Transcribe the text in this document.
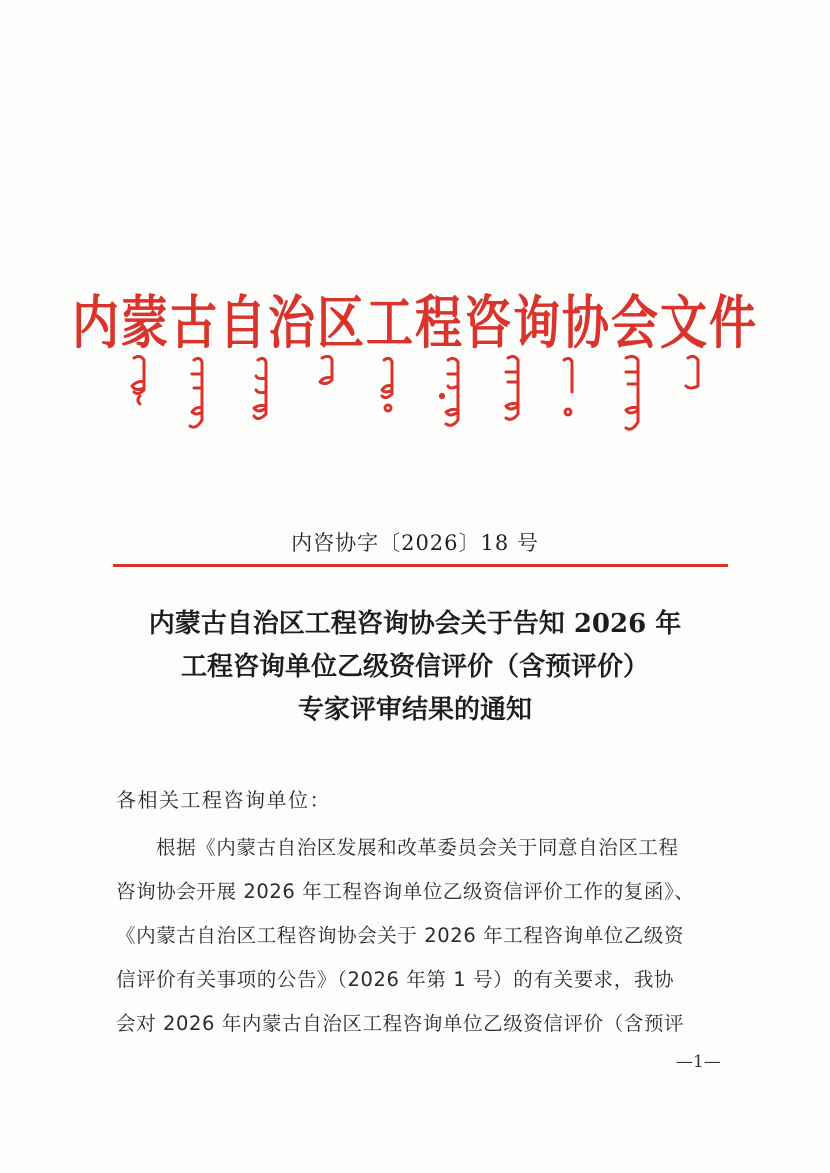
内蒙古自治区工程咨询协会文件
内咨协字〔2026〕18 号
内蒙古自治区工程咨询协会关于告知 2026 年
工程咨询单位乙级资信评价（含预评价）
专家评审结果的通知
各相关工程咨询单位：
根据《内蒙古自治区发展和改革委员会关于同意自治区工程
咨询协会开展 2026 年工程咨询单位乙级资信评价工作的复函》、
《内蒙古自治区工程咨询协会关于 2026 年工程咨询单位乙级资
信评价有关事项的公告》（2026 年第 1 号）的有关要求，我协
会对 2026 年内蒙古自治区工程咨询单位乙级资信评价（含预评
—1—
